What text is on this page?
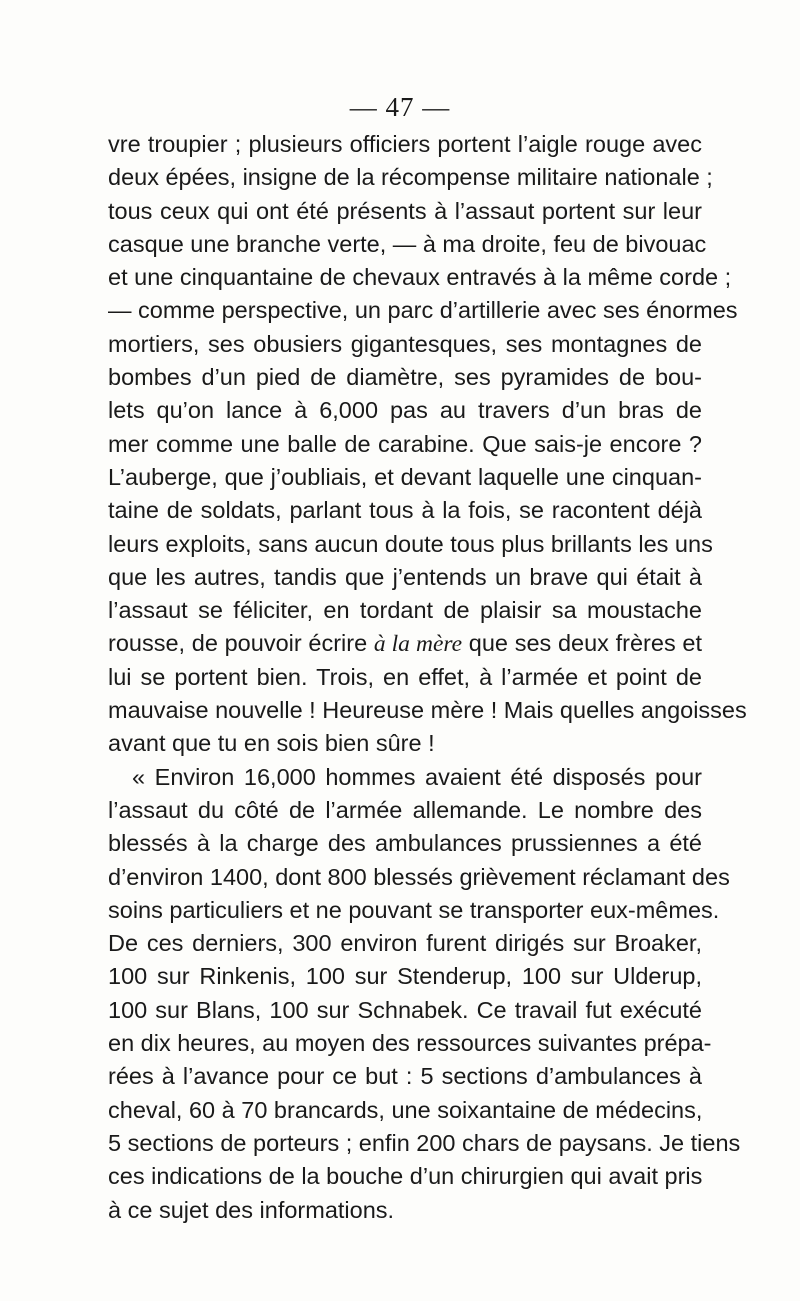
— 47 —
vre troupier ; plusieurs officiers portent l’aigle rouge avec
deux épées, insigne de la récompense militaire nationale ;
tous ceux qui ont été présents à l’assaut portent sur leur
casque une branche verte, — à ma droite, feu de bivouac
et une cinquantaine de chevaux entravés à la même corde ;
— comme perspective, un parc d’artillerie avec ses énormes
mortiers, ses obusiers gigantesques, ses montagnes de
bombes d’un pied de diamètre, ses pyramides de bou-
lets qu’on lance à 6,000 pas au travers d’un bras de
mer comme une balle de carabine. Que sais-je encore ?
L’auberge, que j’oubliais, et devant laquelle une cinquan-
taine de soldats, parlant tous à la fois, se racontent déjà
leurs exploits, sans aucun doute tous plus brillants les uns
que les autres, tandis que j’entends un brave qui était à
l’assaut se féliciter, en tordant de plaisir sa moustache
rousse, de pouvoir écrire à la mère que ses deux frères et
lui se portent bien. Trois, en effet, à l’armée et point de
mauvaise nouvelle ! Heureuse mère ! Mais quelles angoisses
avant que tu en sois bien sûre !
« Environ 16,000 hommes avaient été disposés pour
l’assaut du côté de l’armée allemande. Le nombre des
blessés à la charge des ambulances prussiennes a été
d’environ 1400, dont 800 blessés grièvement réclamant des
soins particuliers et ne pouvant se transporter eux-mêmes.
De ces derniers, 300 environ furent dirigés sur Broaker,
100 sur Rinkenis, 100 sur Stenderup, 100 sur Ulderup,
100 sur Blans, 100 sur Schnabek. Ce travail fut exécuté
en dix heures, au moyen des ressources suivantes prépa-
rées à l’avance pour ce but : 5 sections d’ambulances à
cheval, 60 à 70 brancards, une soixantaine de médecins,
5 sections de porteurs ; enfin 200 chars de paysans. Je tiens
ces indications de la bouche d’un chirurgien qui avait pris
à ce sujet des informations.
